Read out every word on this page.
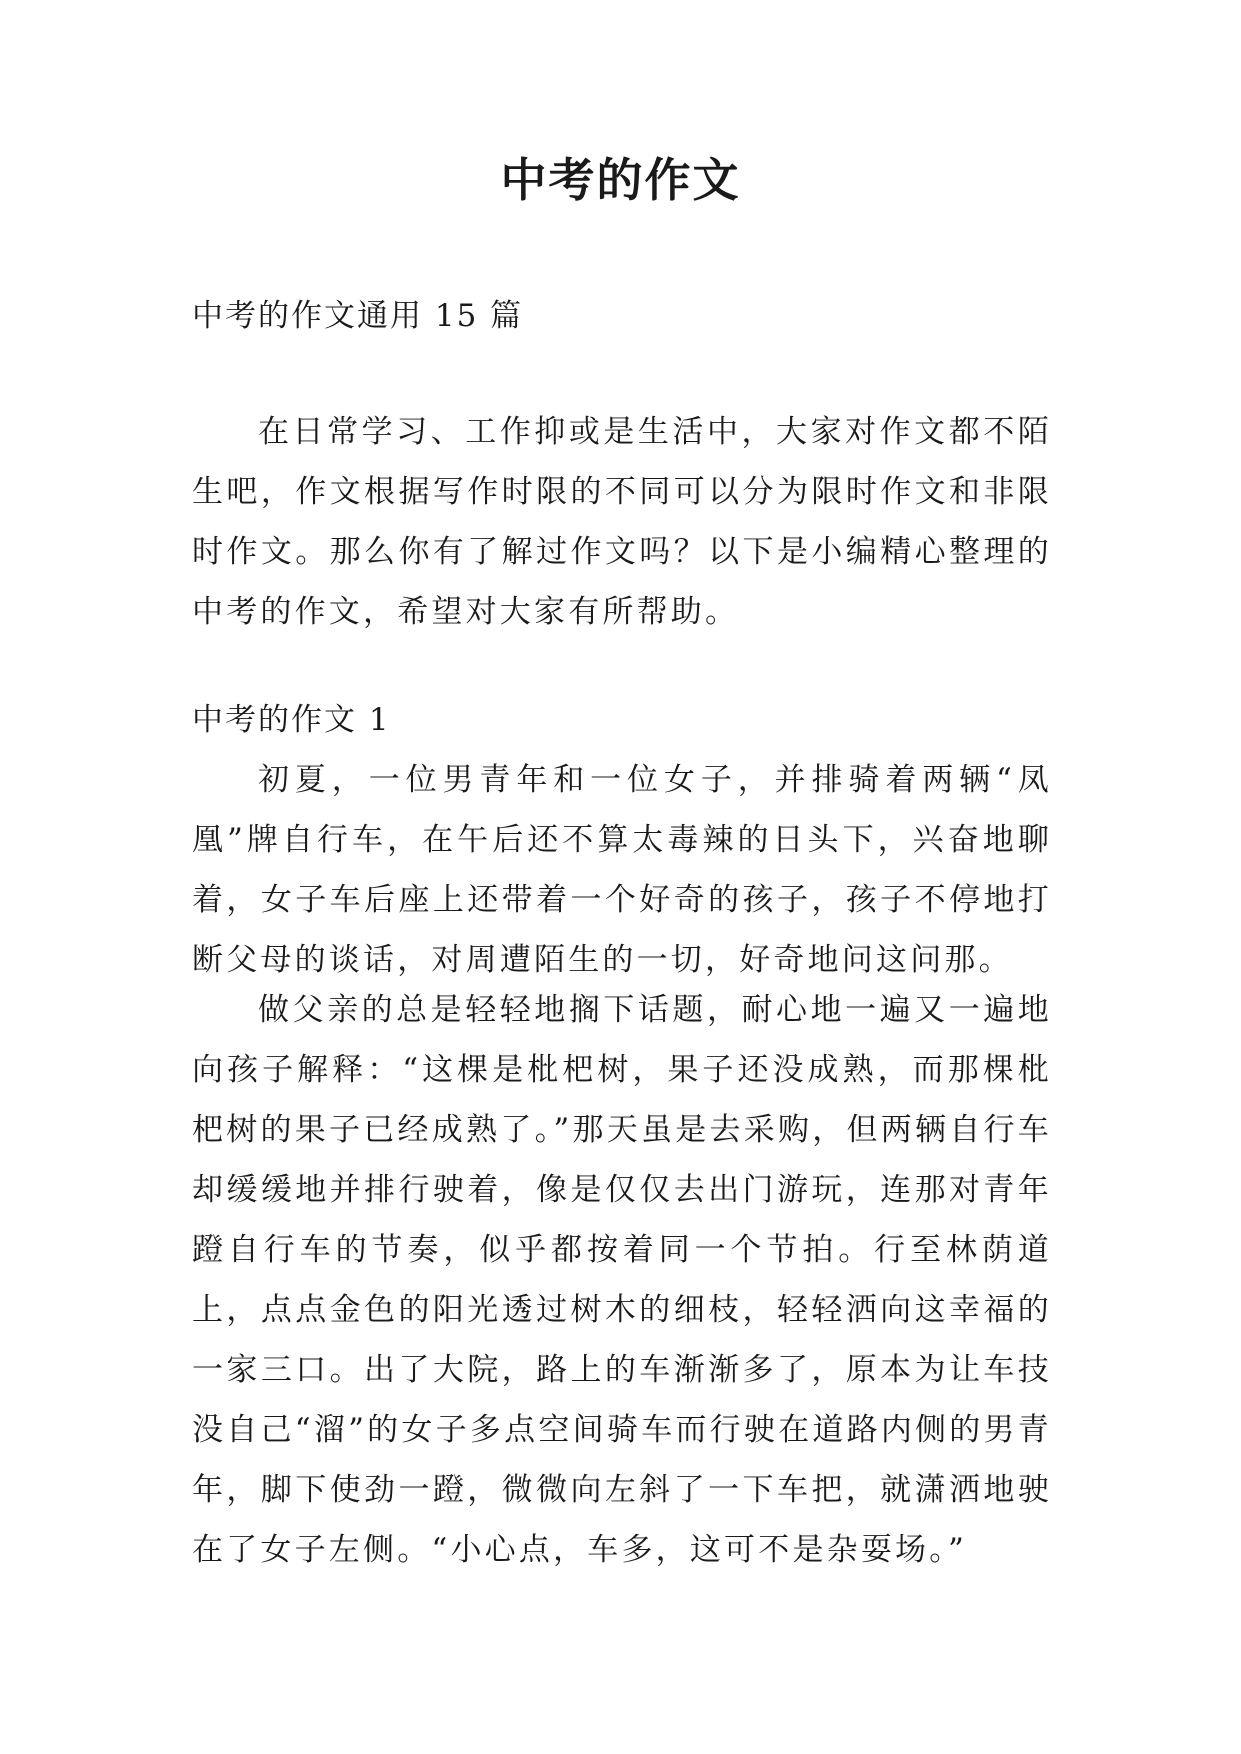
中考的作文

中考的作文通用 15 篇

在日常学习、工作抑或是生活中，大家对作文都不陌生吧，作文根据写作时限的不同可以分为限时作文和非限时作文。那么你有了解过作文吗？以下是小编精心整理的中考的作文，希望对大家有所帮助。

中考的作文 1

初夏，一位男青年和一位女子，并排骑着两辆“凤凰”牌自行车，在午后还不算太毒辣的日头下，兴奋地聊着，女子车后座上还带着一个好奇的孩子，孩子不停地打断父母的谈话，对周遭陌生的一切，好奇地问这问那。

做父亲的总是轻轻地搁下话题，耐心地一遍又一遍地向孩子解释：“这棵是枇杷树，果子还没成熟，而那棵枇杷树的果子已经成熟了。”那天虽是去采购，但两辆自行车却缓缓地并排行驶着，像是仅仅去出门游玩，连那对青年蹬自行车的节奏，似乎都按着同一个节拍。行至林荫道上，点点金色的阳光透过树木的细枝，轻轻洒向这幸福的一家三口。出了大院，路上的车渐渐多了，原本为让车技没自己“溜”的女子多点空间骑车而行驶在道路内侧的男青年，脚下使劲一蹬，微微向左斜了一下车把，就潇洒地驶在了女子左侧。“小心点，车多，这可不是杂耍场。”
